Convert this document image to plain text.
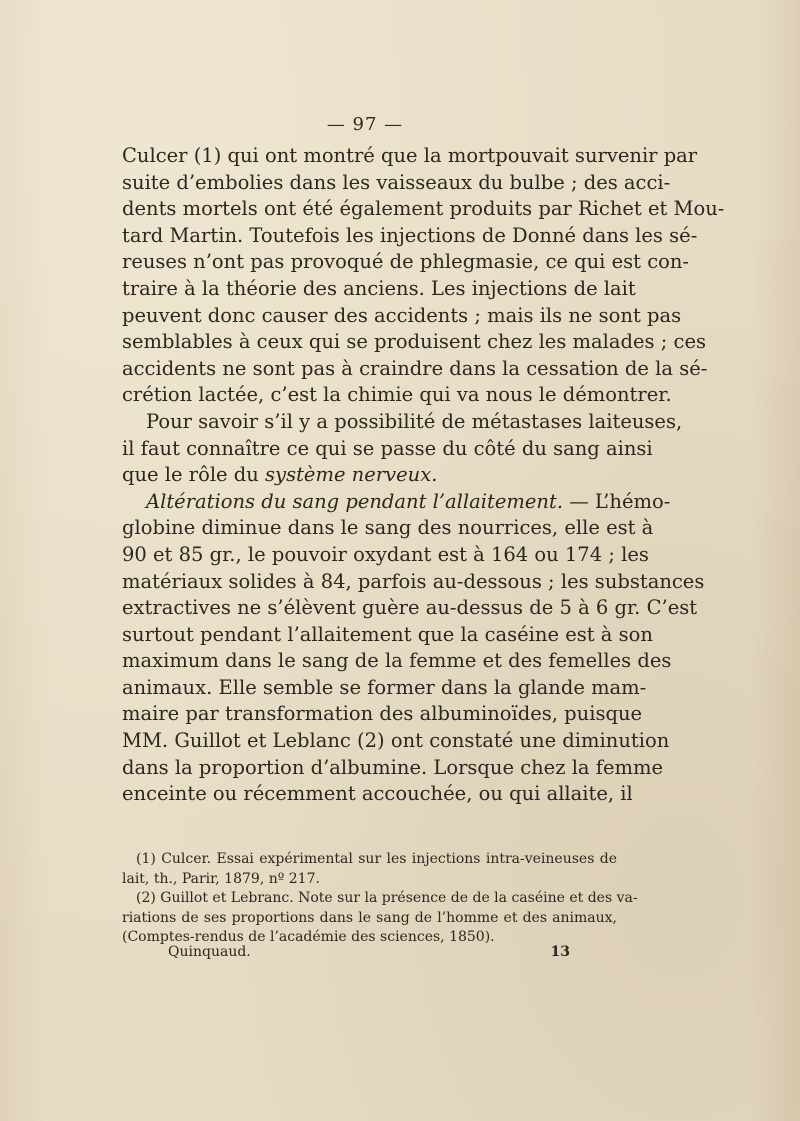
— 97 —

Culcer (1) qui ont montré que la mortpouvait survenir par
suite d’embolies dans les vaisseaux du bulbe ; des acci-
dents mortels ont été également produits par Richet et Mou-
tard Martin. Toutefois les injections de Donné dans les sé-
reuses n’ont pas provoqué de phlegmasie, ce qui est con-
traire à la théorie des anciens. Les injections de lait
peuvent donc causer des accidents ; mais ils ne sont pas
semblables à ceux qui se produisent chez les malades ; ces
accidents ne sont pas à craindre dans la cessation de la sé-
crétion lactée, c’est la chimie qui va nous le démontrer.

Pour savoir s’il y a possibilité de métastases laiteuses,
il faut connaître ce qui se passe du côté du sang ainsi
que le rôle du système nerveux.

Altérations du sang pendant l’allaitement. — L’hémo-
globine diminue dans le sang des nourrices, elle est à
90 et 85 gr., le pouvoir oxydant est à 164 ou 174 ; les
matériaux solides à 84, parfois au-dessous ; les substances
extractives ne s’élèvent guère au-dessus de 5 à 6 gr. C’est
surtout pendant l’allaitement que la caséine est à son
maximum dans le sang de la femme et des femelles des
animaux. Elle semble se former dans la glande mam-
maire par transformation des albuminoïdes, puisque
MM. Guillot et Leblanc (2) ont constaté une diminution
dans la proportion d’albumine. Lorsque chez la femme
enceinte ou récemment accouchée, ou qui allaite, il

(1) Culcer. Essai expérimental sur les injections intra-veineuses de
lait, th., Parir, 1879, nº 217.
(2) Guillot et Lebranc. Note sur la présence de de la caséine et des va-
riations de ses proportions dans le sang de l’homme et des animaux,
(Comptes-rendus de l’académie des sciences, 1850).
Quinquaud.	13
